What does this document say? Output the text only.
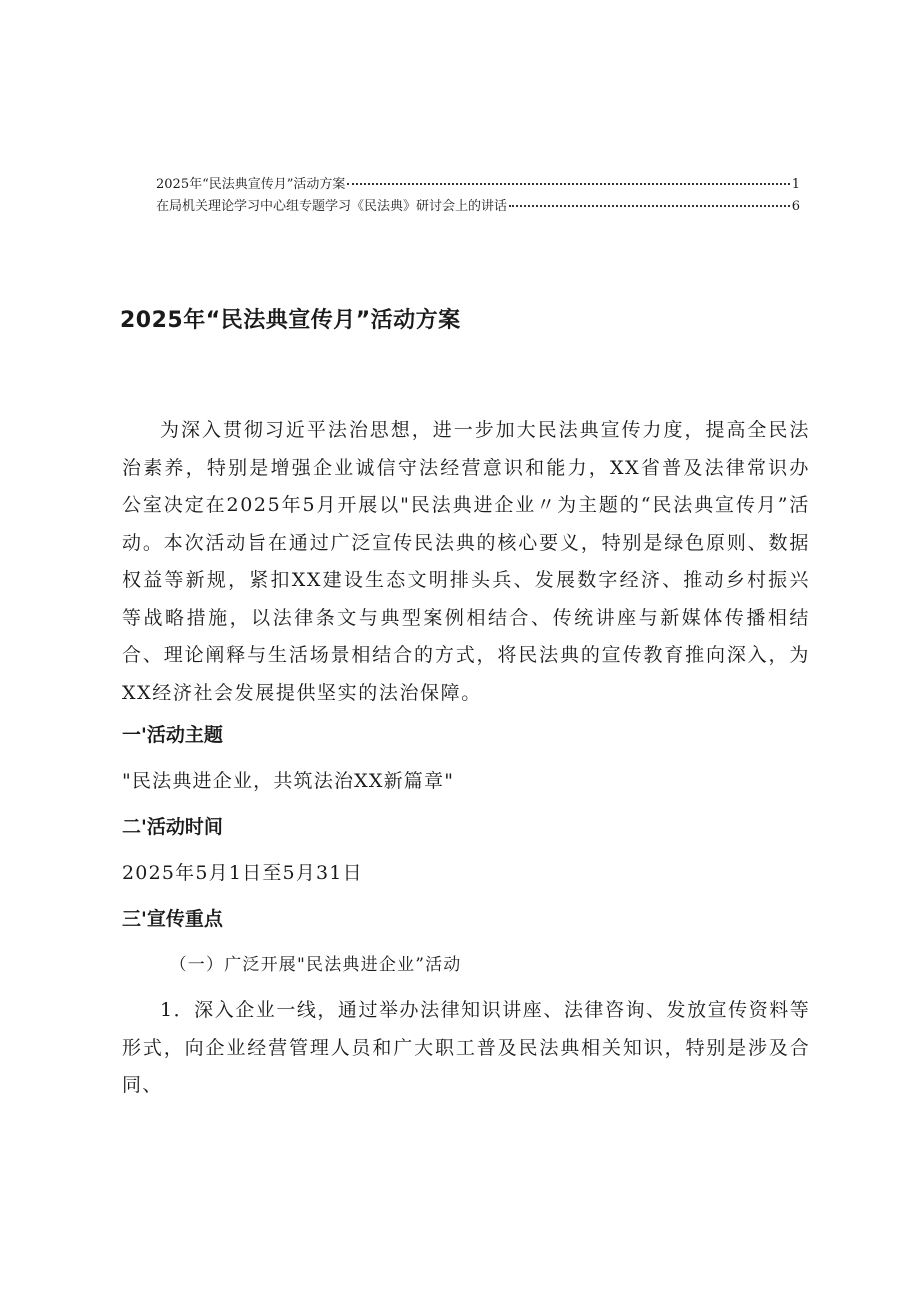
2025年“民法典宣传月”活动方案	1
在局机关理论学习中心组专题学习《民法典》研讨会上的讲话	6
2025年“民法典宣传月”活动方案

为深入贯彻习近平法治思想，进一步加大民法典宣传力度，提高全民法治素养，特别是增强企业诚信守法经营意识和能力，XX省普及法律常识办公室决定在2025年5月开展以"民法典进企业〃为主题的“民法典宣传月”活动。本次活动旨在通过广泛宣传民法典的核心要义，特别是绿色原则、数据权益等新规，紧扣XX建设生态文明排头兵、发展数字经济、推动乡村振兴等战略措施，以法律条文与典型案例相结合、传统讲座与新媒体传播相结合、理论阐释与生活场景相结合的方式，将民法典的宣传教育推向深入，为XX经济社会发展提供坚实的法治保障。

一'活动主题

"民法典进企业，共筑法治XX新篇章"

二'活动时间

2025年5月1日至5月31日

三'宣传重点

（一）广泛开展"民法典进企业”活动

1．深入企业一线，通过举办法律知识讲座、法律咨询、发放宣传资料等形式，向企业经营管理人员和广大职工普及民法典相关知识，特别是涉及合同、
